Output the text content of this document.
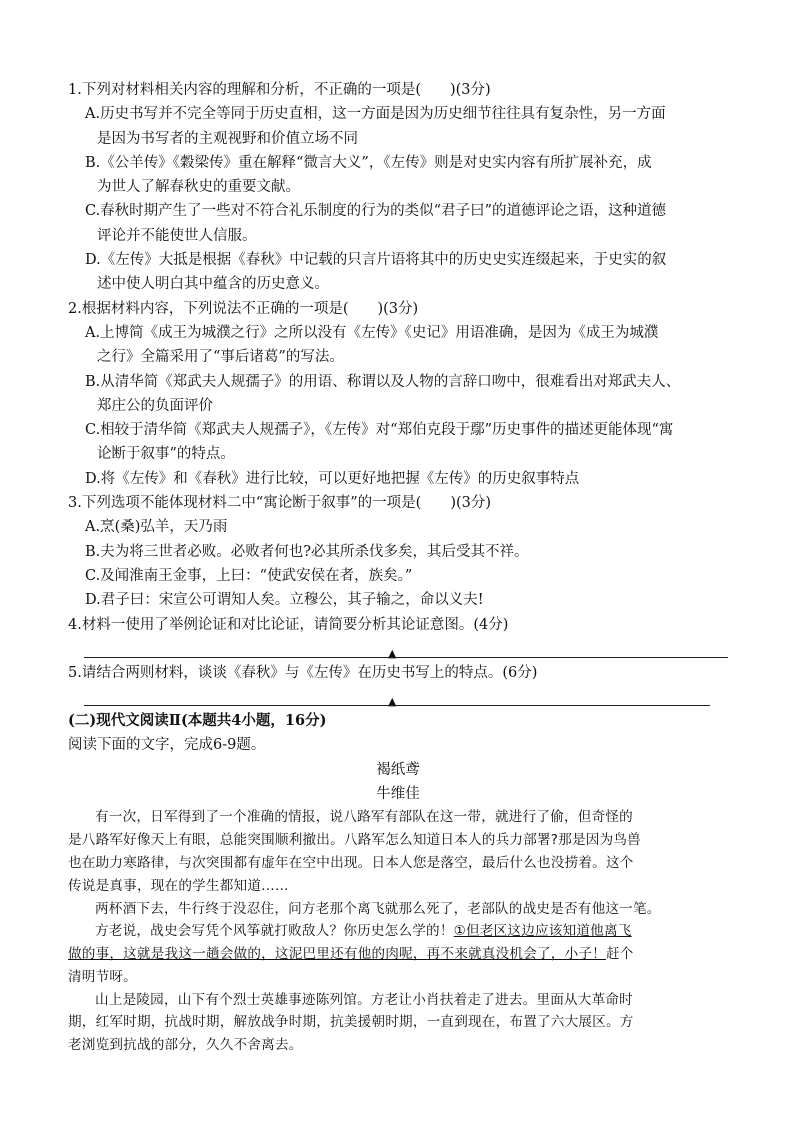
1.下列对材料相关内容的理解和分析，不正确的一项是(　　)(3分)
A.历史书写并不完全等同于历史直相，这一方面是因为历史细节往往具有复杂性，另一方面
是因为书写者的主观视野和价值立场不同
B.《公羊传》《穀梁传》重在解释“微言大义”，《左传》则是对史实内容有所扩展补充，成
为世人了解春秋史的重要文献。
C.春秋时期产生了一些对不符合礼乐制度的行为的类似“君子曰”的道德评论之语，这种道德
评论并不能使世人信服。
D.《左传》大抵是根据《春秋》中记载的只言片语将其中的历史史实连缀起来，于史实的叙
述中使人明白其中蕴含的历史意义。
2.根据材料内容，下列说法不正确的一项是(　　)(3分)
A.上博简《成王为城濮之行》之所以没有《左传》《史记》用语准确，是因为《成王为城濮
之行》全篇采用了“事后诸葛”的写法。
B.从清华简《郑武夫人规孺子》的用语、称谓以及人物的言辞口吻中，很难看出对郑武夫人、
郑庄公的负面评价
C.相较于清华简《郑武夫人规孺子》，《左传》对“郑伯克段于鄢”历史事件的描述更能体现“寓
论断于叙事”的特点。
D.将《左传》和《春秋》进行比较，可以更好地把握《左传》的历史叙事特点
3.下列选项不能体现材料二中“寓论断于叙事”的一项是(　　)(3分)
A.烹(桑)弘羊，天乃雨
B.夫为将三世者必败。必败者何也?必其所杀伐多矣，其后受其不祥。
C.及闻淮南王金事，上曰：“使武安侯在者，族矣。”
D.君子曰：宋宣公可谓知人矣。立穆公，其子输之，命以义夫!
4.材料一使用了举例论证和对比论证，请简要分析其论证意图。(4分)
▲
5.请结合两则材料，谈谈《春秋》与《左传》在历史书写上的特点。(6分)
▲
(二)现代文阅读Ⅱ(本题共4小题，16分)
阅读下面的文字，完成6-9题。
褐纸鸢
牛维佳
有一次，日军得到了一个准确的情报，说八路军有部队在这一带，就进行了偷，但奇怪的
是八路军好像天上有眼，总能突围顺利撤出。八路军怎么知道日本人的兵力部署?那是因为鸟兽
也在助力寒路律，与次突围都有虚年在空中出现。日本人您是落空，最后什么也没捞着。这个
传说是真事，现在的学生都知道……
两杯酒下去，牛行终于没忍住，问方老那个离飞就那么死了，老部队的战史是否有他这一笔。
方老说，战史会写凭个风筝就打败敌人？你历史怎么学的！①但老区这边应该知道他离飞
做的事，这就是我这一趟会做的，这泥巴里还有他的肉呢，再不来就真没机会了，小子！赶个
清明节呀。
山上是陵园，山下有个烈士英雄事迹陈列馆。方老让小肖扶着走了进去。里面从大革命时
期，红军时期，抗战时期，解放战争时期，抗美援朝时期，一直到现在，布置了六大展区。方
老浏览到抗战的部分，久久不舍离去。
